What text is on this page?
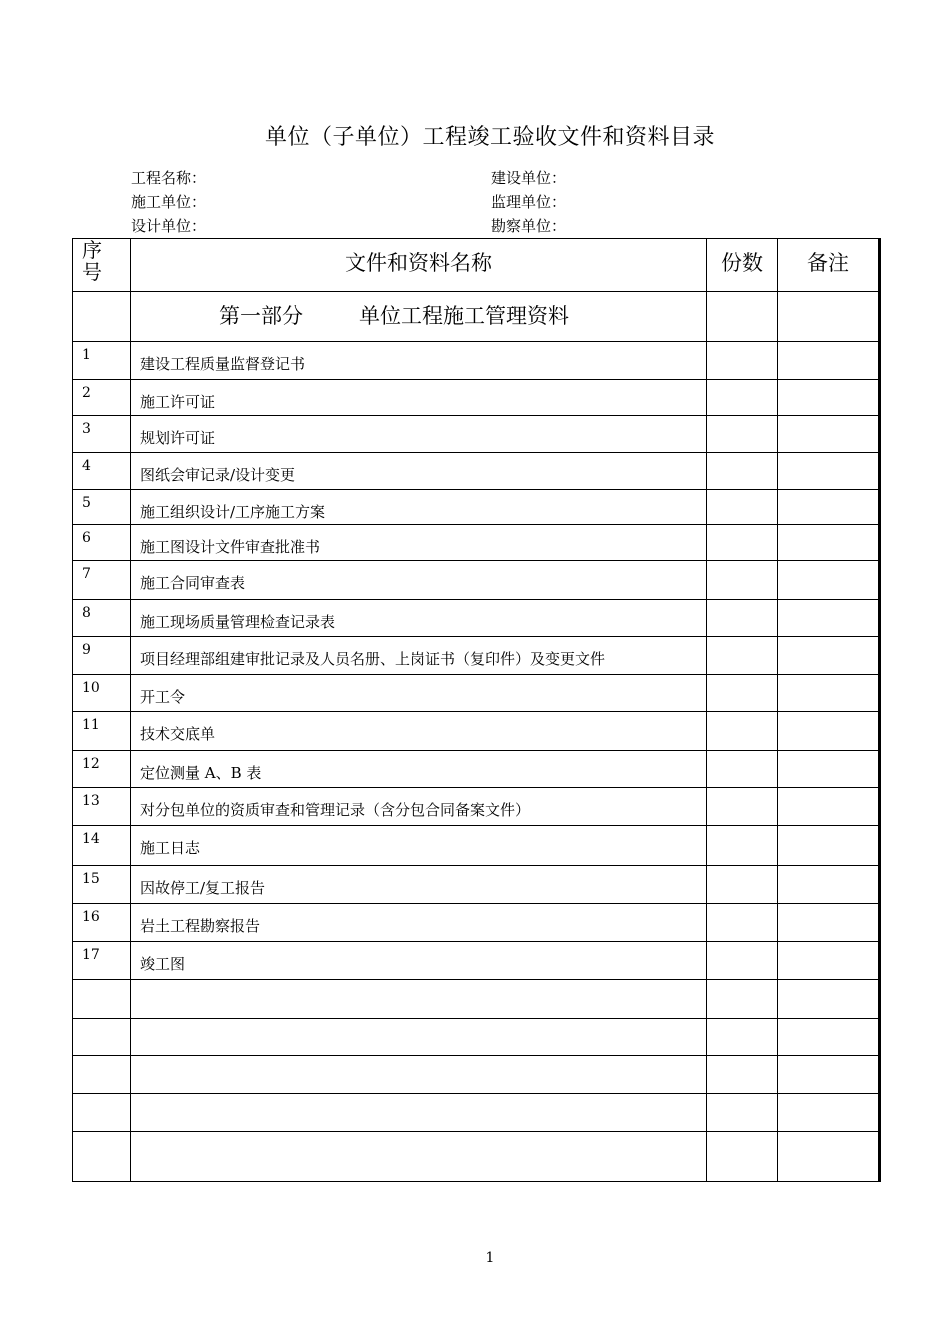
单位（子单位）工程竣工验收文件和资料目录
工程名称：
施工单位：
设计单位：
建设单位：
监理单位：
勘察单位：
序
号	文件和资料名称	份数	备注
	第一部分 单位工程施工管理资料		
1	建设工程质量监督登记书		
2	施工许可证		
3	规划许可证		
4	图纸会审记录/设计变更		
5	施工组织设计/工序施工方案		
6	施工图设计文件审查批准书		
7	施工合同审查表		
8	施工现场质量管理检查记录表		
9	项目经理部组建审批记录及人员名册、上岗证书（复印件）及变更文件		
10	开工令		
11	技术交底单		
12	定位测量 A、B 表		
13	对分包单位的资质审查和管理记录（含分包合同备案文件）		
14	施工日志		
15	因故停工/复工报告		
16	岩土工程勘察报告		
17	竣工图		

1
